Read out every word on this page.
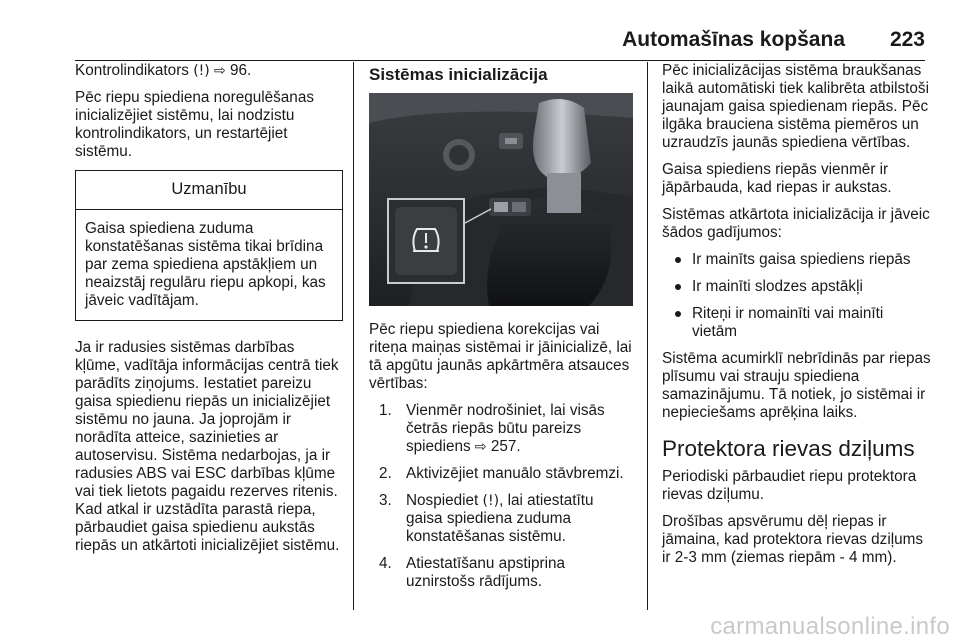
Automašīnas kopšana 223

Kontrolindikators (!) ⇨ 96.

Pēc riepu spiediena noregulēšanas inicializējiet sistēmu, lai nodzistu kontrolindikators, un restartējiet sistēmu.

Uzmanību
Gaisa spiediena zuduma konstatēšanas sistēma tikai brīdina par zema spiediena apstākļiem un neaizstāj regulāru riepu apkopi, kas jāveic vadītājam.

Ja ir radusies sistēmas darbības kļūme, vadītāja informācijas centrā tiek parādīts ziņojums. Iestatiet pareizu gaisa spiedienu riepās un inicializējiet sistēmu no jauna. Ja joprojām ir norādīta atteice, sazinieties ar autoservisu. Sistēma nedarbojas, ja ir radusies ABS vai ESC darbības kļūme vai tiek lietots pagaidu rezerves ritenis. Kad atkal ir uzstādīta parastā riepa, pārbaudiet gaisa spiedienu aukstās riepās un atkārtoti inicializējiet sistēmu.

Sistēmas inicializācija

Pēc riepu spiediena korekcijas vai riteņa maiņas sistēmai ir jāinicializē, lai tā apgūtu jaunās apkārtmēra atsauces vērtības:

1. Vienmēr nodrošiniet, lai visās četrās riepās būtu pareizs spiediens ⇨ 257.
2. Aktivizējiet manuālo stāvbremzi.
3. Nospiediet (!), lai atiestatītu gaisa spiediena zuduma konstatēšanas sistēmu.
4. Atiestatīšanu apstiprina uznirstošs rādījums.

Pēc inicializācijas sistēma braukšanas laikā automātiski tiek kalibrēta atbilstoši jaunajam gaisa spiedienam riepās. Pēc ilgāka brauciena sistēma piemēros un uzraudzīs jaunās spiediena vērtības.

Gaisa spiediens riepās vienmēr ir jāpārbauda, kad riepas ir aukstas.

Sistēmas atkārtota inicializācija ir jāveic šādos gadījumos:

Ir mainīts gaisa spiediens riepās
Ir mainīti slodzes apstākļi
Riteņi ir nomainīti vai mainīti vietām

Sistēma acumirklī nebrīdinās par riepas plīsumu vai strauju spiediena samazinājumu. Tā notiek, jo sistēmai ir nepieciešams aprēķina laiks.

Protektora rievas dziļums

Periodiski pārbaudiet riepu protektora rievas dziļumu.

Drošības apsvērumu dēļ riepas ir jāmaina, kad protektora rievas dziļums ir 2-3 mm (ziemas riepām - 4 mm).

carmanualsonline.info
